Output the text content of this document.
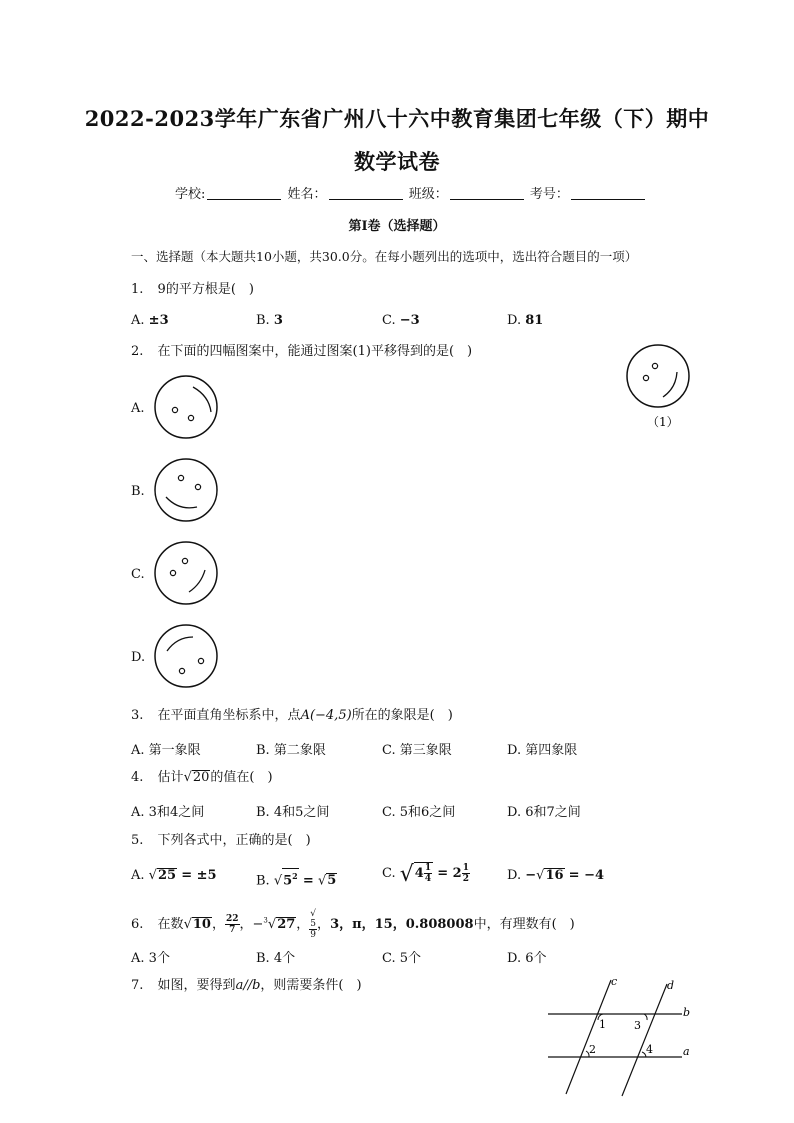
2022-2023学年广东省广州八十六中教育集团七年级（下）期中
数学试卷
学校:	姓名：	班级：	考号：
第I卷（选择题）
一、选择题（本大题共10小题，共30.0分。在每小题列出的选项中，选出符合题目的一项）
1. 9的平方根是(　)
A. ±3	B. 3	C. −3	D. 81
2. 在下面的四幅图案中，能通过图案(1)平移得到的是(　)
（1）
A.
B.
C.
D.
3. 在平面直角坐标系中，点A(−4,5)所在的象限是(　)
A. 第一象限	B. 第二象限	C. 第三象限	D. 第四象限
4. 估计√20的值在(　)
A. 3和4之间	B. 4和5之间	C. 5和6之间	D. 6和7之间
5. 下列各式中，正确的是(　)
A. √25 = ±5	B. $√5^2 = √5$	C. $√4 \frac{1}{4} = 2 \frac{1}{2}$	D. −√16 = −4
6. 在数√10， $\frac{22}{7}$ ，−$^3$√27， √
5
9 ，3，π，15，0.808008中，有理数有(　)
A. 3个	B. 4个	C. 5个	D. 6个
7. 如图，要得到a//b，则需要条件(　)	c	d
b
a
1
2
3
4
